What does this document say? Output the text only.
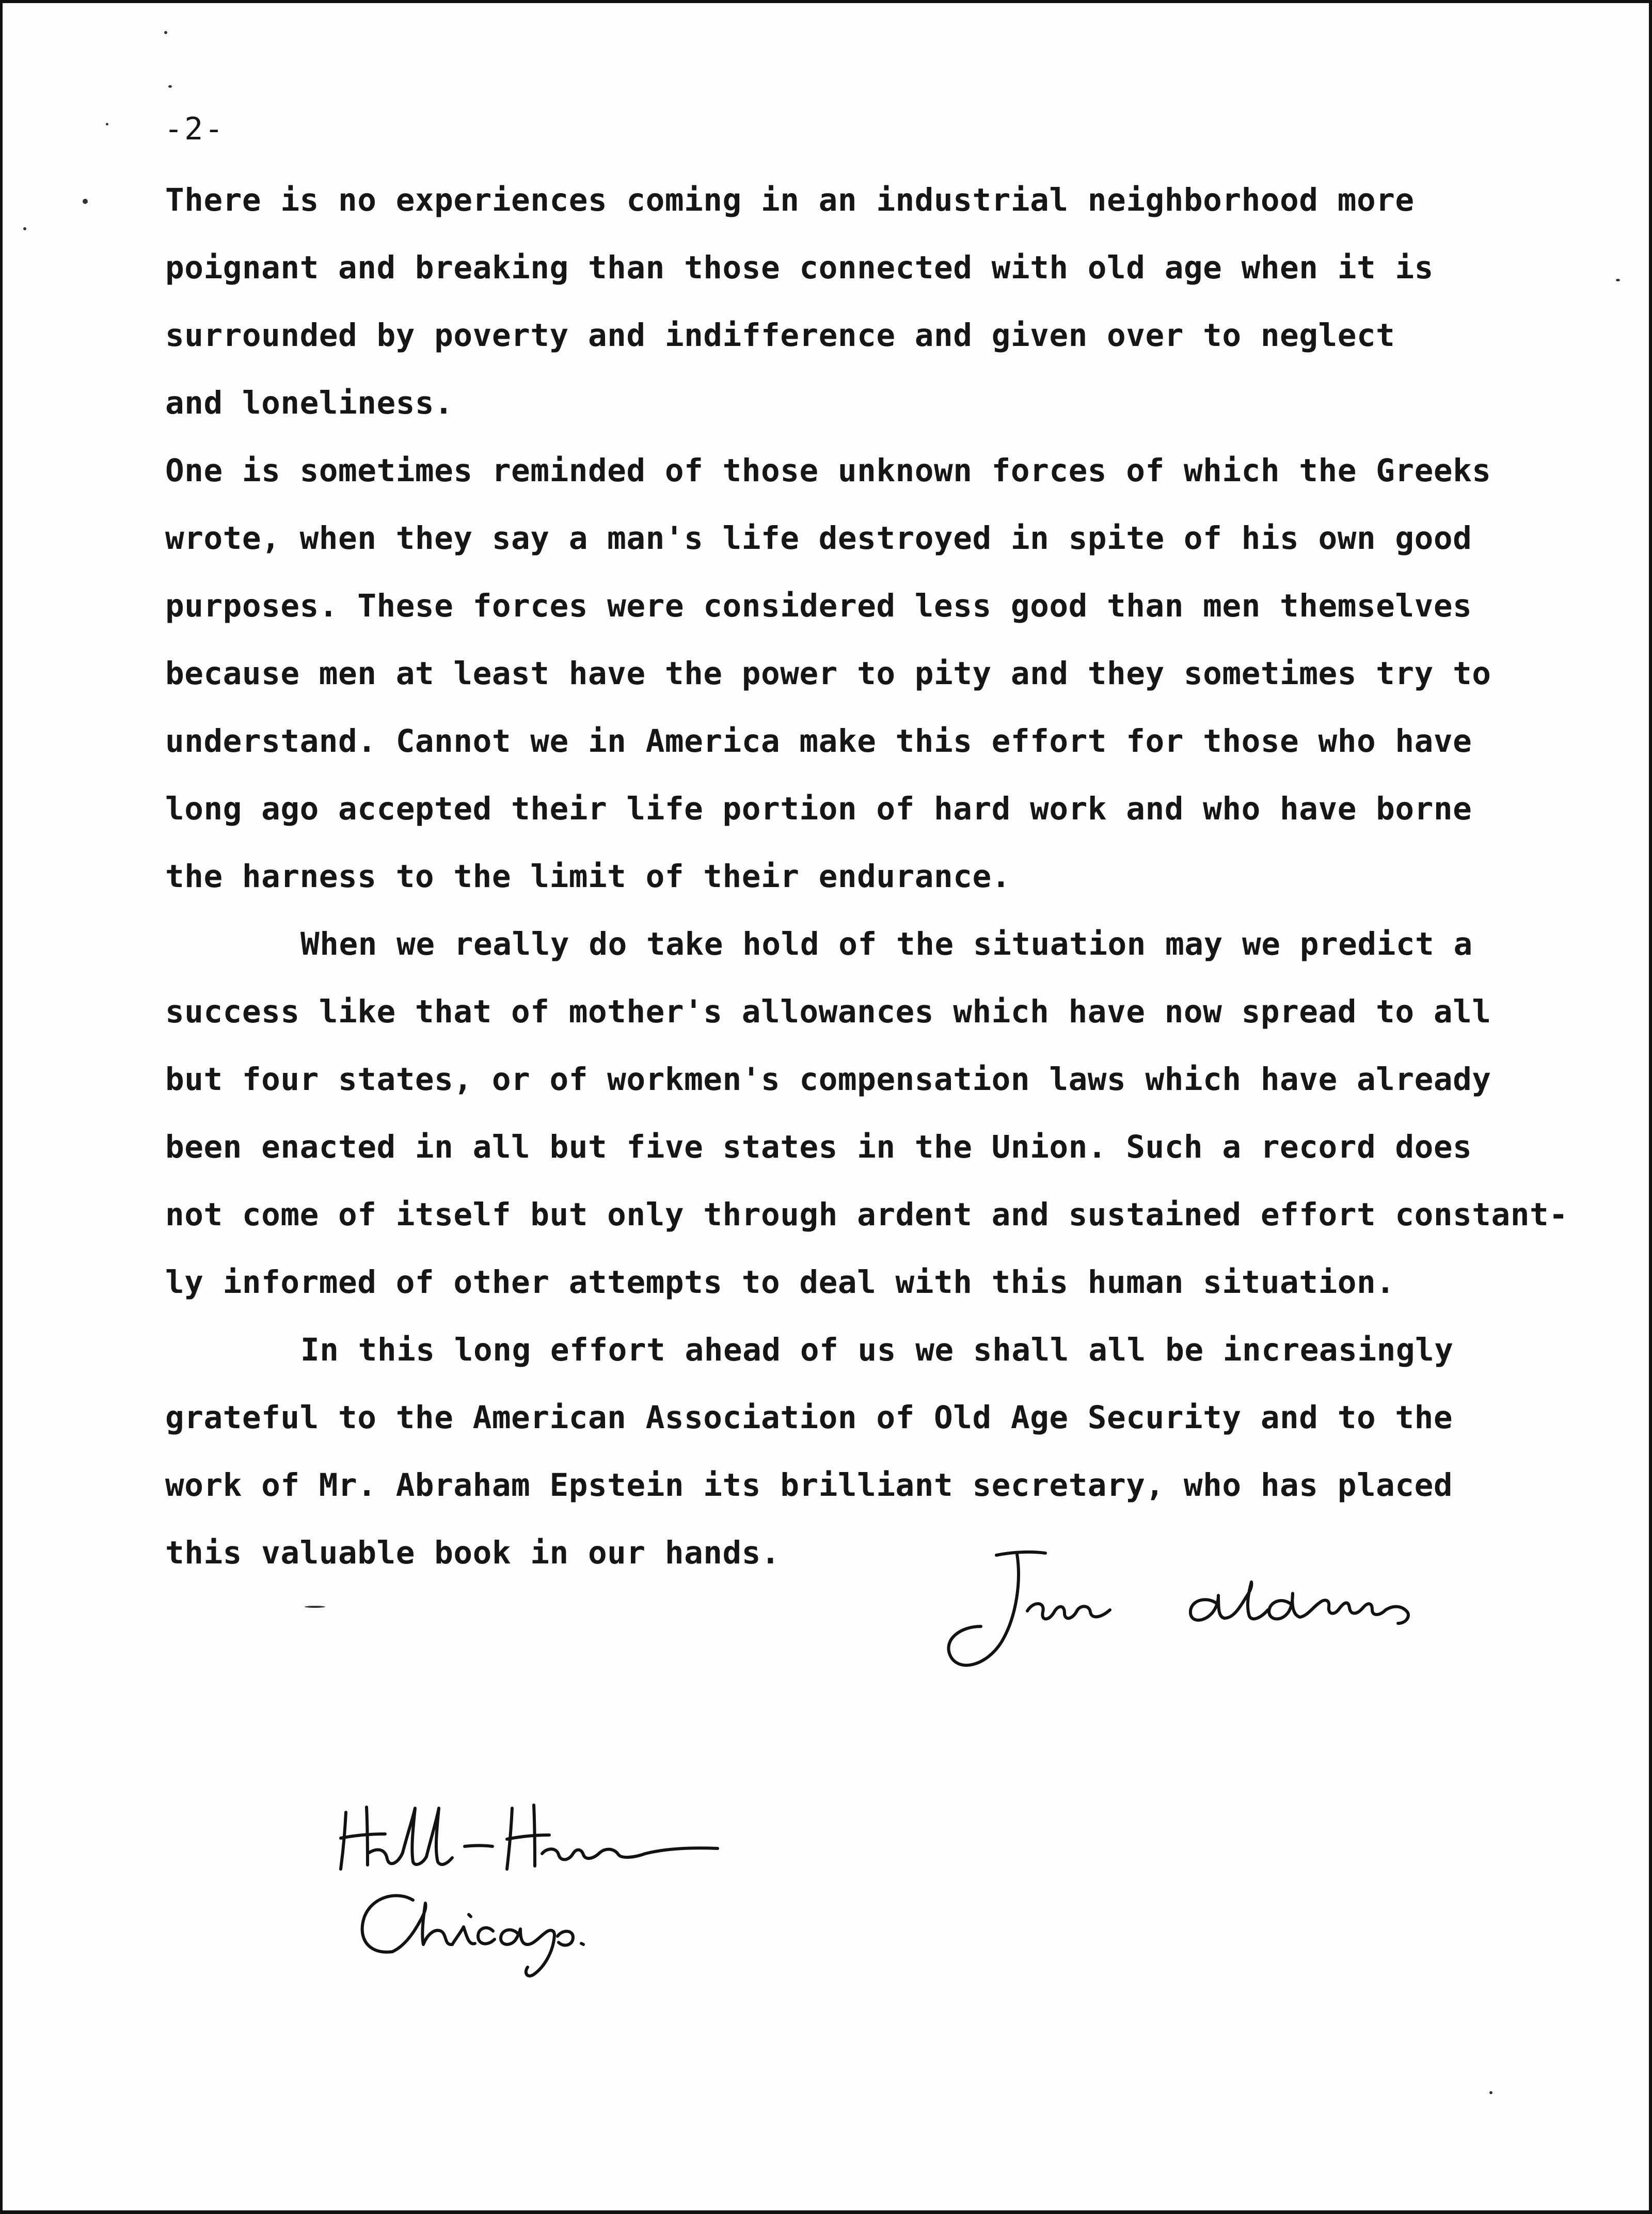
-2-
There is no experiences coming in an industrial neighborhood more
poignant and breaking than those connected with old age when it is
surrounded by poverty and indifference and given over to neglect
and loneliness.
One is sometimes reminded of those unknown forces of which the Greeks
wrote, when they say a man's life destroyed in spite of his own good
purposes. These forces were considered less good than men themselves
because men at least have the power to pity and they sometimes try to
understand. Cannot we in America make this effort for those who have
long ago accepted their life portion of hard work and who have borne
the harness to the limit of their endurance.
When we really do take hold of the situation may we predict a
success like that of mother's allowances which have now spread to all
but four states, or of workmen's compensation laws which have already
been enacted in all but five states in the Union. Such a record does
not come of itself but only through ardent and sustained effort constant-
ly informed of other attempts to deal with this human situation.
In this long effort ahead of us we shall all be increasingly
grateful to the American Association of Old Age Security and to the
work of Mr. Abraham Epstein its brilliant secretary, who has placed
this valuable book in our hands.
